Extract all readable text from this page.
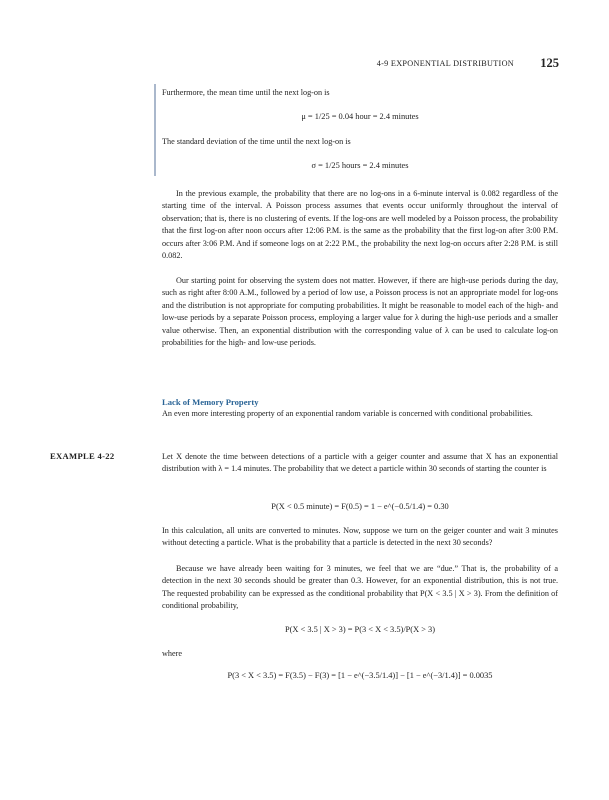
4-9 EXPONENTIAL DISTRIBUTION 125

Furthermore, the mean time until the next log-on is

μ = 1/25 = 0.04 hour = 2.4 minutes

The standard deviation of the time until the next log-on is

σ = 1/25 hours = 2.4 minutes

In the previous example, the probability that there are no log-ons in a 6-minute interval is 0.082 regardless of the starting time of the interval. A Poisson process assumes that events occur uniformly throughout the interval of observation; that is, there is no clustering of events. If the log-ons are well modeled by a Poisson process, the probability that the first log-on after noon occurs after 12:06 P.M. is the same as the probability that the first log-on after 3:00 P.M. occurs after 3:06 P.M. And if someone logs on at 2:22 P.M., the probability the next log-on occurs after 2:28 P.M. is still 0.082.

Our starting point for observing the system does not matter. However, if there are high-use periods during the day, such as right after 8:00 A.M., followed by a period of low use, a Poisson process is not an appropriate model for log-ons and the distribution is not appropriate for computing probabilities. It might be reasonable to model each of the high- and low-use periods by a separate Poisson process, employing a larger value for λ during the high-use periods and a smaller value otherwise. Then, an exponential distribution with the corresponding value of λ can be used to calculate log-on probabilities for the high- and low-use periods.

Lack of Memory Property

An even more interesting property of an exponential random variable is concerned with conditional probabilities.

EXAMPLE 4-22	Let X denote the time between detections of a particle with a geiger counter and assume that X has an exponential distribution with λ = 1.4 minutes. The probability that we detect a particle within 30 seconds of starting the counter is

P(X < 0.5 minute) = F(0.5) = 1 − e^(−0.5/1.4) = 0.30

In this calculation, all units are converted to minutes. Now, suppose we turn on the geiger counter and wait 3 minutes without detecting a particle. What is the probability that a particle is detected in the next 30 seconds?

Because we have already been waiting for 3 minutes, we feel that we are “due.” That is, the probability of a detection in the next 30 seconds should be greater than 0.3. However, for an exponential distribution, this is not true. The requested probability can be expressed as the conditional probability that P(X < 3.5 | X > 3). From the definition of conditional probability,

P(X < 3.5 | X > 3) = P(3 < X < 3.5)/P(X > 3)
where
P(3 < X < 3.5) = F(3.5) − F(3) = [1 − e^(−3.5/1.4)] − [1 − e^(−3/1.4)] = 0.0035
